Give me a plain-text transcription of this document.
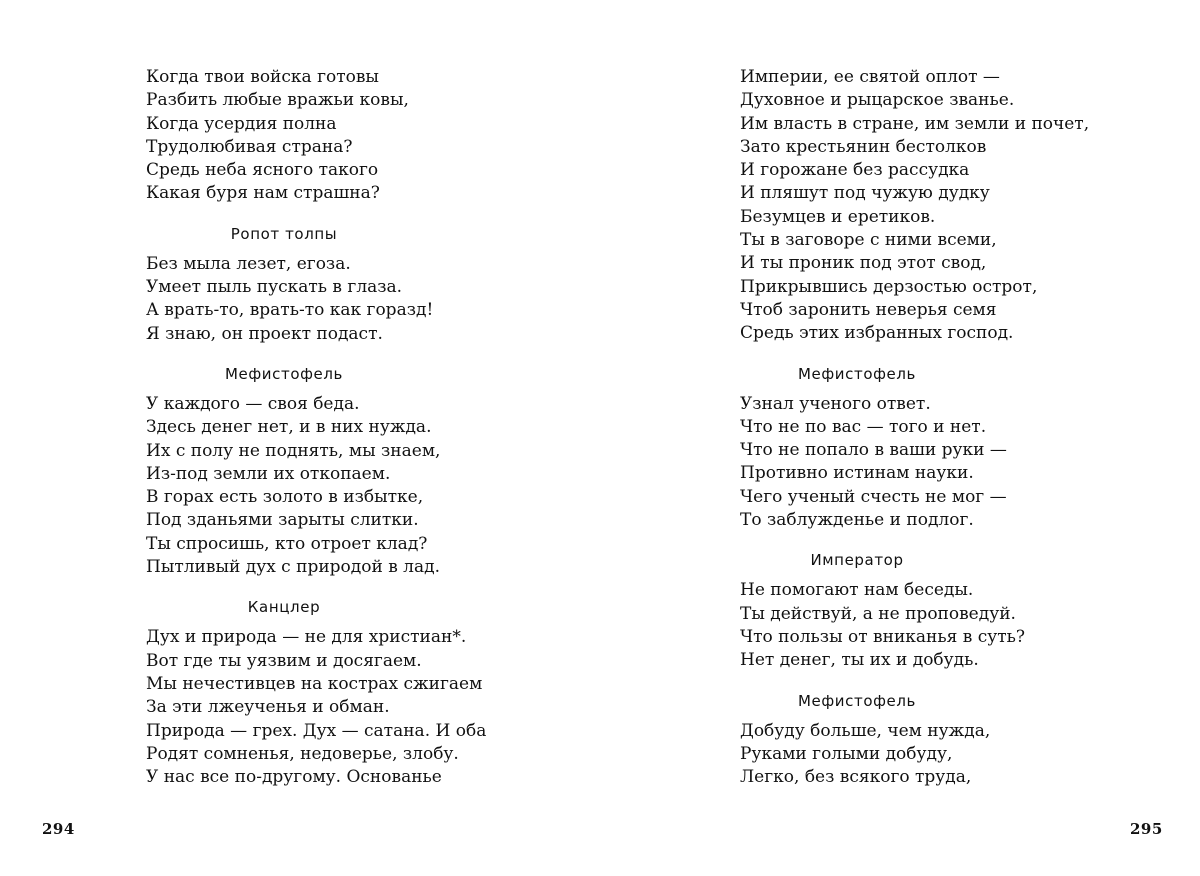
Когда твои войска готовы
Разбить любые вражьи ковы,
Когда усердия полна
Трудолюбивая страна?
Средь неба ясного такого
Какая буря нам страшна?
Ропот толпы
Без мыла лезет, егоза.
Умеет пыль пускать в глаза.
А врать-то, врать-то как горазд!
Я знаю, он проект подаст.
Мефистофель
У каждого — своя беда.
Здесь денег нет, и в них нужда.
Их с полу не поднять, мы знаем,
Из-под земли их откопаем.
В горах есть золото в избытке,
Под зданьями зарыты слитки.
Ты спросишь, кто отроет клад?
Пытливый дух с природой в лад.
Канцлер
Дух и природа — не для христиан*.
Вот где ты уязвим и досягаем.
Мы нечестивцев на кострах сжигаем
За эти лжеученья и обман.
Природа — грех. Дух — сатана. И оба
Родят сомненья, недоверье, злобу.
У нас все по-другому. Основанье
294
Империи, ее святой оплот —
Духовное и рыцарское званье.
Им власть в стране, им земли и почет,
Зато крестьянин бестолков
И горожане без рассудка
И пляшут под чужую дудку
Безумцев и еретиков.
Ты в заговоре с ними всеми,
И ты проник под этот свод,
Прикрывшись дерзостью острот,
Чтоб заронить неверья семя
Средь этих избранных господ.
Мефистофель
Узнал ученого ответ.
Что не по вас — того и нет.
Что не попало в ваши руки —
Противно истинам науки.
Чего ученый счесть не мог —
То заблужденье и подлог.
Император
Не помогают нам беседы.
Ты действуй, а не проповедуй.
Что пользы от вниканья в суть?
Нет денег, ты их и добудь.
Мефистофель
Добуду больше, чем нужда,
Руками голыми добуду,
Легко, без всякого труда,
295
